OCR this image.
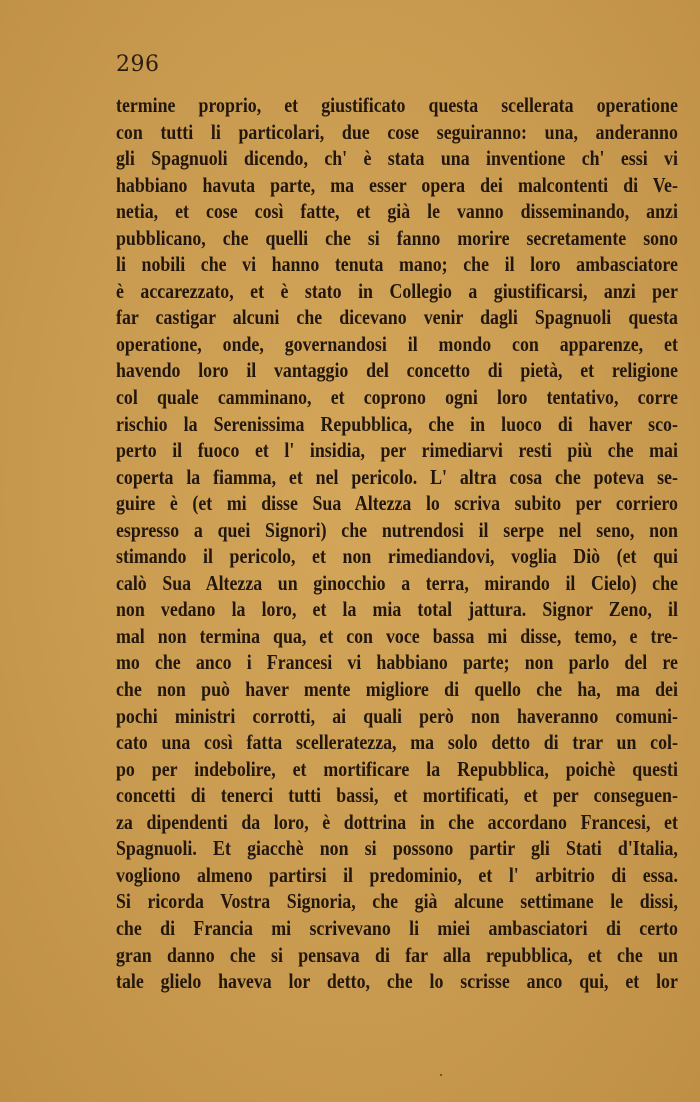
296
termine proprio, et giustificato questa scellerata operatione
con tutti li particolari, due cose seguiranno: una, anderanno
gli Spagnuoli dicendo, ch' è stata una inventione ch' essi vi
habbiano havuta parte, ma esser opera dei malcontenti di Ve-
netia, et cose così fatte, et già le vanno disseminando, anzi
pubblicano, che quelli che si fanno morire secretamente sono
li nobili che vi hanno tenuta mano; che il loro ambasciatore
è accarezzato, et è stato in Collegio a giustificarsi, anzi per
far castigar alcuni che dicevano venir dagli Spagnuoli questa
operatione, onde, governandosi il mondo con apparenze, et
havendo loro il vantaggio del concetto di pietà, et religione
col quale camminano, et coprono ogni loro tentativo, corre
rischio la Serenissima Repubblica, che in luoco di haver sco-
perto il fuoco et l' insidia, per rimediarvi resti più che mai
coperta la fiamma, et nel pericolo. L' altra cosa che poteva se-
guire è (et mi disse Sua Altezza lo scriva subito per corriero
espresso a quei Signori) che nutrendosi il serpe nel seno, non
stimando il pericolo, et non rimediandovi, voglia Diò (et qui
calò Sua Altezza un ginocchio a terra, mirando il Cielo) che
non vedano la loro, et la mia total jattura. Signor Zeno, il
mal non termina qua, et con voce bassa mi disse, temo, e tre-
mo che anco i Francesi vi habbiano parte; non parlo del re
che non può haver mente migliore di quello che ha, ma dei
pochi ministri corrotti, ai quali però non haveranno comuni-
cato una così fatta scelleratezza, ma solo detto di trar un col-
po per indebolire, et mortificare la Repubblica, poichè questi
concetti di tenerci tutti bassi, et mortificati, et per conseguen-
za dipendenti da loro, è dottrina in che accordano Francesi, et
Spagnuoli. Et giacchè non si possono partir gli Stati d'Italia,
vogliono almeno partirsi il predominio, et l' arbitrio di essa.
Si ricorda Vostra Signoria, che già alcune settimane le dissi,
che di Francia mi scrivevano li miei ambasciatori di certo
gran danno che si pensava di far alla repubblica, et che un
tale glielo haveva lor detto, che lo scrisse anco qui, et lor
